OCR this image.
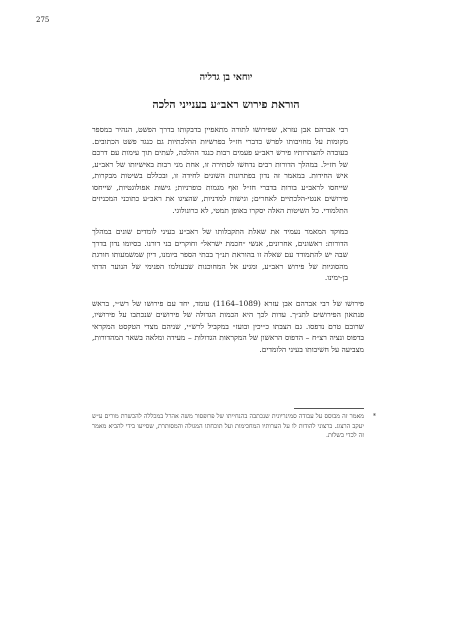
275
יוחאי בן גדליה
הוראת פירוש ראב״ע בענייני הלכה

רבי אברהם אבן עזרא, שפירושו לתורה מתאפיין בדבקותו בדרך הפשט, הנהיר במספר מקומות על מחויבותו לפרש כדברי חז״ל בפרשיות ההלכתיות גם כנגד פשט הכתובים. בעובדה להצהרותיו פירש ראב״ע פעמים רבות כנגד ההלכה, לעתים תוך עימות עם דרכם של חז״ל. במהלך הדורות רבים נדחשו לסתירה זו, אחת מני רבות באישיותו של ראב״ע, איש החידות. במאמר זה נדון בפתרונות השונים לחידה זו, ובכללם בשיטות מבקרות, שייחסו לראב״ע בורות בדברי חז״ל ואף מגמות כופרניות; גישות אפולוגטיות, שייחסו פירושים אנטי-הלכתיים לאחרים; וגישות למדניות, שהציגו את ראב״ע כתוכני המכניזים התלמודי. כל השיטות האלה יסקרו באופן תמטי, לא כרונולוגי.

במוקד המאמר נעמיד את שאלת התקבלותו של ראב״ע בעיני לומדים שונים במהלך הדורות: ראשונים, אחרונים, אנשי ״חכמת ישראל״ וחוקרים בני דורנו. בסיומו נדון בדרך שבה יש להתמודד עם שאלה זו בהוראת תנ״ך בבתי הספר ביומנו, דיון שמשמעותו חורגת מהסוגיות של פירוש ראב״ע, ומגיע אל המחוכנות שבעולמו הפנימי של הנוער הדתי בן-ימינו.

פירושו של רבי אברהם אבן עזרא (1089–1164) עומד, יחד עם פירושו של רש״י, בראש פנתאון הפירושים לתנ״ך. עדות לכך היא הכמות הגדולה של פירושים שנכתבו על פירושיו, שרובם טרם נדפסו. גם הצבתו כ״יכין ובועז״ במקביל לרש״י, שניהם מצדי הטקסט המקראי בדפוס ונציה רצ״ח – הדפוס הראשון של המקראות הגדולות – מעידה ומלאה בשאר המהדורות, מצביעה על חשיבותו בעיני הלומדים.

*
מאמר זה מבוסס על עבודה סמינריונית שנכתבה בהנחייתו של פרופסור משה אהרל במכללה להכשרת מורים ע״ש יעקב הרצוג. ברצוני להודות לו על הערותיו המחכימות ועל תוכחתו המגולה והמסותרת, שסייעו בידי להביא מאמר זה לכדי בשלות.
